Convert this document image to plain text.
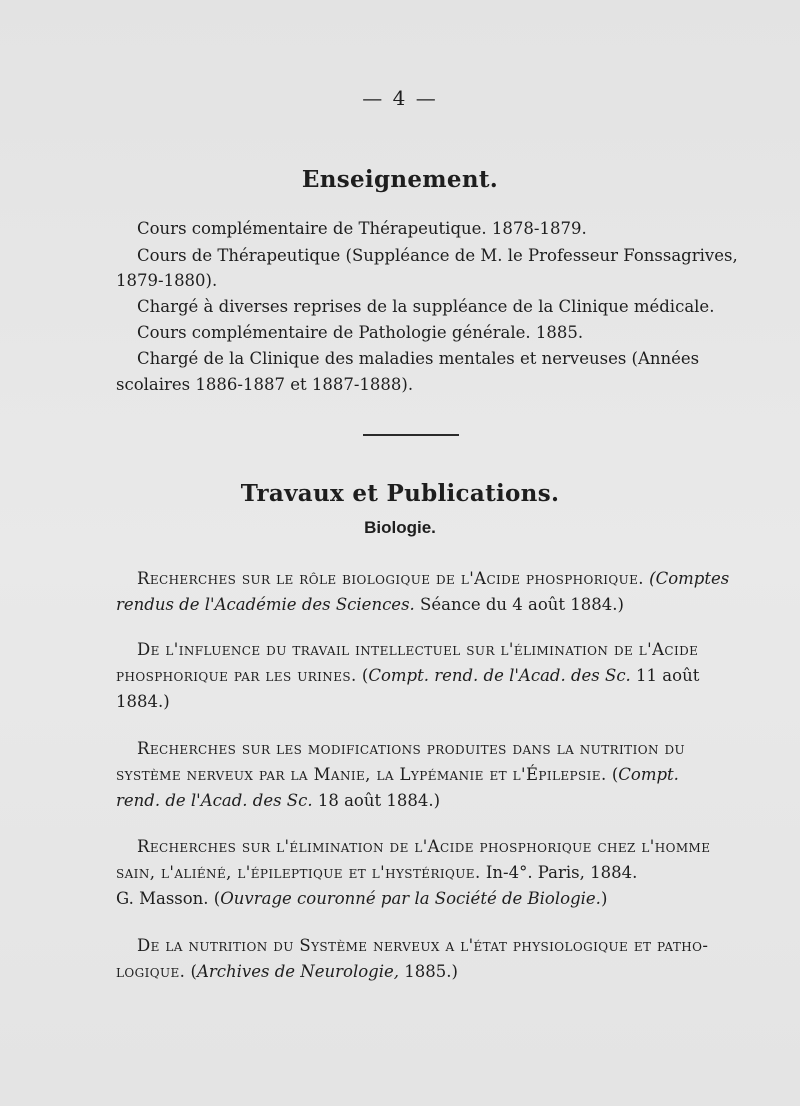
— 4 —
Enseignement.
Cours complémentaire de Thérapeutique. 1878-1879.
Cours de Thérapeutique (Suppléance de M. le Professeur Fonssagrives,
1879-1880).
Chargé à diverses reprises de la suppléance de la Clinique médicale.
Cours complémentaire de Pathologie générale. 1885.
Chargé de la Clinique des maladies mentales et nerveuses (Années
scolaires 1886-1887 et 1887-1888).
Travaux et Publications.
Biologie.
Recherches sur le rôle biologique de l'Acide phosphorique. (Comptes
rendus de l'Académie des Sciences. Séance du 4 août 1884.)
De l'influence du travail intellectuel sur l'élimination de l'Acide
phosphorique par les urines. (Compt. rend. de l'Acad. des Sc. 11 août
1884.)
Recherches sur les modifications produites dans la nutrition du
système nerveux par la Manie, la Lypémanie et l'Épilepsie. (Compt.
rend. de l'Acad. des Sc. 18 août 1884.)
Recherches sur l'élimination de l'Acide phosphorique chez l'homme
sain, l'aliéné, l'épileptique et l'hystérique. In-4°. Paris, 1884.
G. Masson. (Ouvrage couronné par la Société de Biologie.)
De la nutrition du Système nerveux a l'état physiologique et patho-
logique. (Archives de Neurologie, 1885.)
